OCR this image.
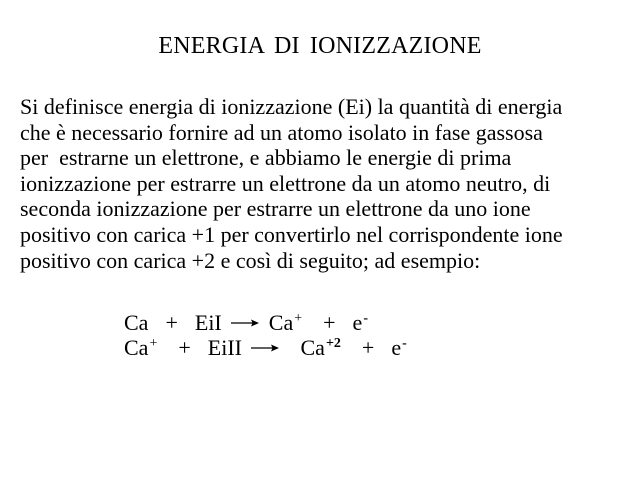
ENERGIA DI IONIZZAZIONE

Si definisce energia di ionizzazione (Ei) la quantità di energia
che è necessario fornire ad un atomo isolato in fase gassosa
per  estrarne un elettrone, e abbiamo le energie di prima
ionizzazione per estrarre un elettrone da un atomo neutro, di
seconda ionizzazione per estrarre un elettrone da uno ione
positivo con carica +1 per convertirlo nel corrispondente ione
positivo con carica +2 e così di seguito; ad esempio:

Ca + EiI → Ca+ + e-
Ca+ + EiII → $Ca^{+2} + e^-$
